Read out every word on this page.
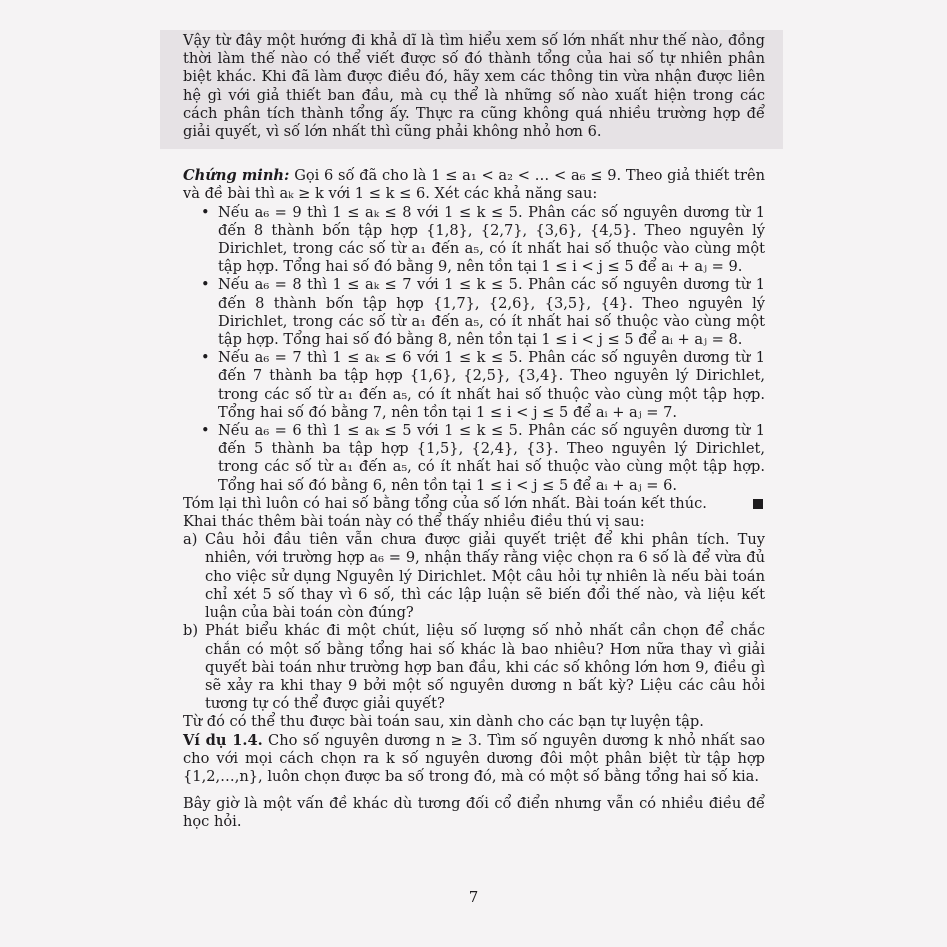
Vậy từ đây một hướng đi khả dĩ là tìm hiểu xem số lớn nhất như thế nào, đồng thời làm thế nào có thể viết được số đó thành tổng của hai số tự nhiên phân biệt khác. Khi đã làm được điều đó, hãy xem các thông tin vừa nhận được liên hệ gì với giả thiết ban đầu, mà cụ thể là những số nào xuất hiện trong các cách phân tích thành tổng ấy. Thực ra cũng không quá nhiều trường hợp để giải quyết, vì số lớn nhất thì cũng phải không nhỏ hơn 6.

Chứng minh: Gọi 6 số đã cho là 1 ≤ a₁ < a₂ < … < a₆ ≤ 9. Theo giả thiết trên và đề bài thì aₖ ≥ k với 1 ≤ k ≤ 6. Xét các khả năng sau:

• Nếu a₆ = 9 thì 1 ≤ aₖ ≤ 8 với 1 ≤ k ≤ 5. Phân các số nguyên dương từ 1 đến 8 thành bốn tập hợp {1,8}, {2,7}, {3,6}, {4,5}. Theo nguyên lý Dirichlet, trong các số từ a₁ đến a₅, có ít nhất hai số thuộc vào cùng một tập hợp. Tổng hai số đó bằng 9, nên tồn tại 1 ≤ i < j ≤ 5 để aᵢ + aⱼ = 9.
• Nếu a₆ = 8 thì 1 ≤ aₖ ≤ 7 với 1 ≤ k ≤ 5. Phân các số nguyên dương từ 1 đến 8 thành bốn tập hợp {1,7}, {2,6}, {3,5}, {4}. Theo nguyên lý Dirichlet, trong các số từ a₁ đến a₅, có ít nhất hai số thuộc vào cùng một tập hợp. Tổng hai số đó bằng 8, nên tồn tại 1 ≤ i < j ≤ 5 để aᵢ + aⱼ = 8.
• Nếu a₆ = 7 thì 1 ≤ aₖ ≤ 6 với 1 ≤ k ≤ 5. Phân các số nguyên dương từ 1 đến 7 thành ba tập hợp {1,6}, {2,5}, {3,4}. Theo nguyên lý Dirichlet, trong các số từ a₁ đến a₅, có ít nhất hai số thuộc vào cùng một tập hợp. Tổng hai số đó bằng 7, nên tồn tại 1 ≤ i < j ≤ 5 để aᵢ + aⱼ = 7.
• Nếu a₆ = 6 thì 1 ≤ aₖ ≤ 5 với 1 ≤ k ≤ 5. Phân các số nguyên dương từ 1 đến 5 thành ba tập hợp {1,5}, {2,4}, {3}. Theo nguyên lý Dirichlet, trong các số từ a₁ đến a₅, có ít nhất hai số thuộc vào cùng một tập hợp. Tổng hai số đó bằng 6, nên tồn tại 1 ≤ i < j ≤ 5 để aᵢ + aⱼ = 6.

Tóm lại thì luôn có hai số bằng tổng của số lớn nhất. Bài toán kết thúc.

Khai thác thêm bài toán này có thể thấy nhiều điều thú vị sau:

a) Câu hỏi đầu tiên vẫn chưa được giải quyết triệt để khi phân tích. Tuy nhiên, với trường hợp a₆ = 9, nhận thấy rằng việc chọn ra 6 số là để vừa đủ cho việc sử dụng Nguyên lý Dirichlet. Một câu hỏi tự nhiên là nếu bài toán chỉ xét 5 số thay vì 6 số, thì các lập luận sẽ biến đổi thế nào, và liệu kết luận của bài toán còn đúng?
b) Phát biểu khác đi một chút, liệu số lượng số nhỏ nhất cần chọn để chắc chắn có một số bằng tổng hai số khác là bao nhiêu? Hơn nữa thay vì giải quyết bài toán như trường hợp ban đầu, khi các số không lớn hơn 9, điều gì sẽ xảy ra khi thay 9 bởi một số nguyên dương n bất kỳ? Liệu các câu hỏi tương tự có thể được giải quyết?

Từ đó có thể thu được bài toán sau, xin dành cho các bạn tự luyện tập.

Ví dụ 1.4. Cho số nguyên dương n ≥ 3. Tìm số nguyên dương k nhỏ nhất sao cho với mọi cách chọn ra k số nguyên dương đôi một phân biệt từ tập hợp {1,2,…,n}, luôn chọn được ba số trong đó, mà có một số bằng tổng hai số kia.

Bây giờ là một vấn đề khác dù tương đối cổ điển nhưng vẫn có nhiều điều để học hỏi.

7
